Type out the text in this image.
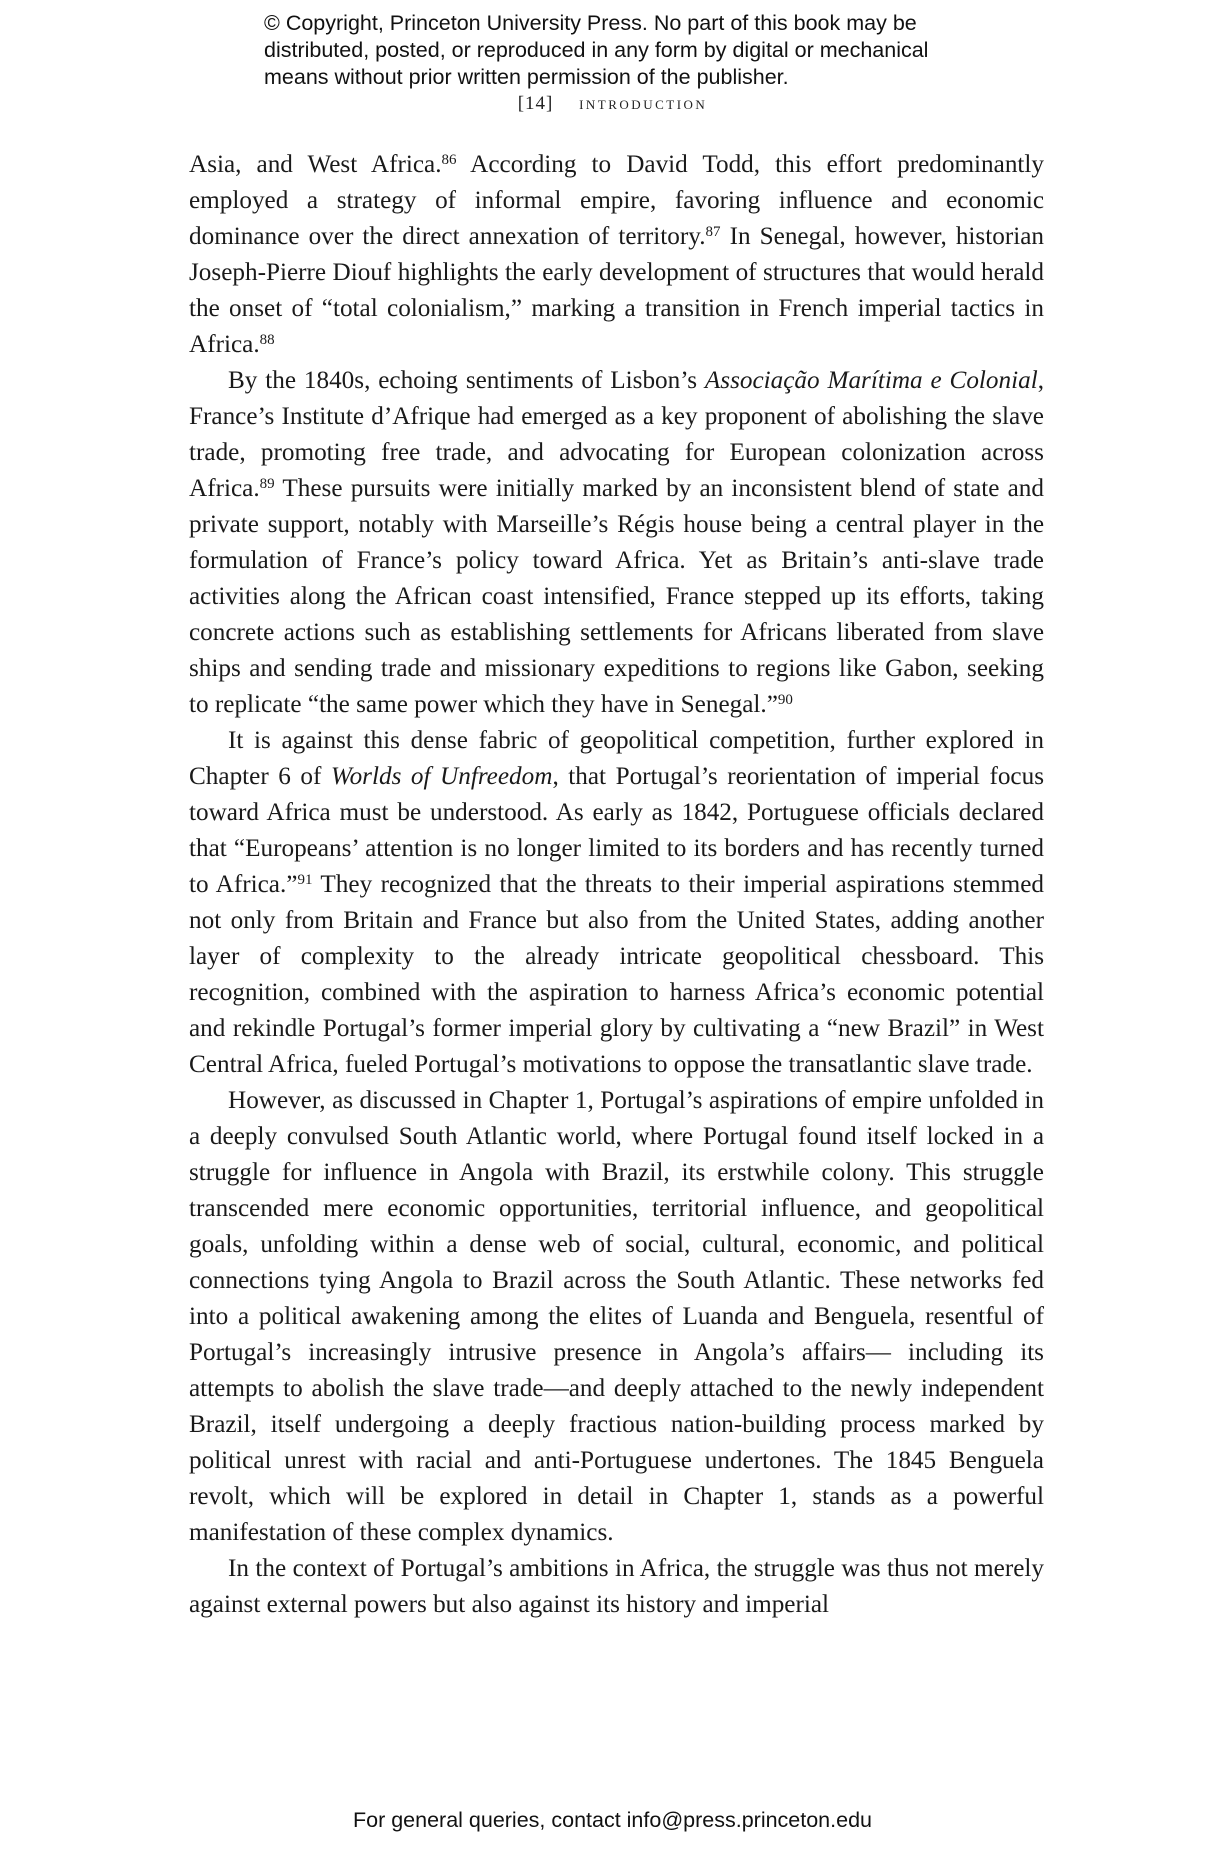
© Copyright, Princeton University Press. No part of this book may be
distributed, posted, or reproduced in any form by digital or mechanical
means without prior written permission of the publisher.
[14] introduction

Asia, and West Africa.$^{86}$ According to David Todd, this effort predominantly employed a strategy of informal empire, favoring influence and economic dominance over the direct annexation of territory.$^{87}$ In Senegal, however, historian Joseph-Pierre Diouf highlights the early development of structures that would herald the onset of “total colonialism,” marking a transition in French imperial tactics in Africa.$^{88}$

By the 1840s, echoing sentiments of Lisbon’s Associação Marítima e Colonial, France’s Institute d’Afrique had emerged as a key proponent of abolishing the slave trade, promoting free trade, and advocating for European colonization across Africa.$^{89}$ These pursuits were initially marked by an inconsistent blend of state and private support, notably with Marseille’s Régis house being a central player in the formulation of France’s policy toward Africa. Yet as Britain’s anti-slave trade activities along the African coast intensified, France stepped up its efforts, taking concrete actions such as establishing settlements for Africans liberated from slave ships and sending trade and missionary expeditions to regions like Gabon, seeking to replicate “the same power which they have in Senegal.”$^{90}$

It is against this dense fabric of geopolitical competition, further explored in Chapter 6 of Worlds of Unfreedom, that Portugal’s reorientation of imperial focus toward Africa must be understood. As early as 1842, Portuguese officials declared that “Europeans’ attention is no longer limited to its borders and has recently turned to Africa.”$^{91}$ They recognized that the threats to their imperial aspirations stemmed not only from Britain and France but also from the United States, adding another layer of complexity to the already intricate geopolitical chessboard. This recognition, combined with the aspiration to harness Africa’s economic potential and rekindle Portugal’s former imperial glory by cultivating a “new Brazil” in West Central Africa, fueled Portugal’s motivations to oppose the transatlantic slave trade.

However, as discussed in Chapter 1, Portugal’s aspirations of empire unfolded in a deeply convulsed South Atlantic world, where Portugal found itself locked in a struggle for influence in Angola with Brazil, its erstwhile colony. This struggle transcended mere economic opportunities, territorial influence, and geopolitical goals, unfolding within a dense web of social, cultural, economic, and political connections tying Angola to Brazil across the South Atlantic. These networks fed into a political awakening among the elites of Luanda and Benguela, resentful of Portugal’s increasingly intrusive presence in Angola’s affairs— including its attempts to abolish the slave trade—and deeply attached to the newly independent Brazil, itself undergoing a deeply fractious nation-building process marked by political unrest with racial and anti-Portuguese undertones. The 1845 Benguela revolt, which will be explored in detail in Chapter 1, stands as a powerful manifestation of these complex dynamics.

In the context of Portugal’s ambitions in Africa, the struggle was thus not merely against external powers but also against its history and imperial

For general queries, contact info@press.princeton.edu
